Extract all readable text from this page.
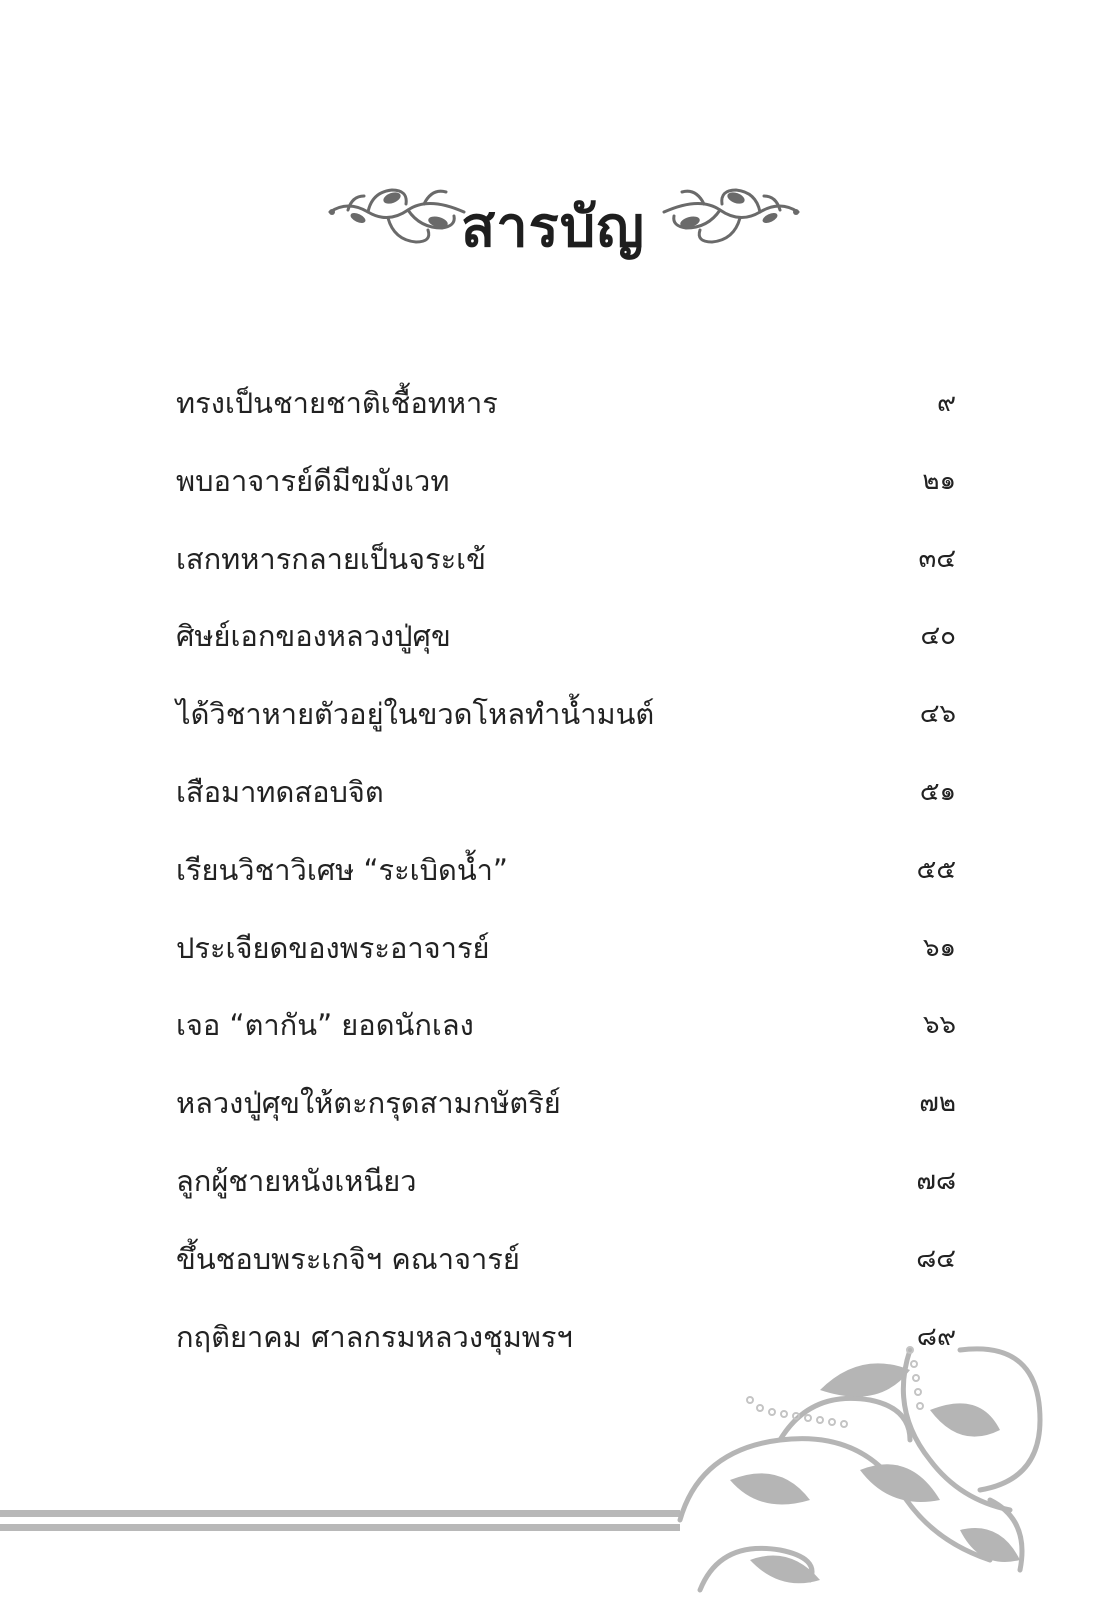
สารบัญ
ทรงเป็นชายชาติเชื้อทหาร	๙
พบอาจารย์ดีมีขมังเวท	๒๑
เสกทหารกลายเป็นจระเข้	๓๔
ศิษย์เอกของหลวงปู่ศุข	๔๐
ได้วิชาหายตัวอยู่ในขวดโหลทำน้ำมนต์	๔๖
เสือมาทดสอบจิต	๕๑
เรียนวิชาวิเศษ “ระเบิดน้ำ”	๕๕
ประเจียดของพระอาจารย์	๖๑
เจอ “ตากัน” ยอดนักเลง	๖๖
หลวงปู่ศุขให้ตะกรุดสามกษัตริย์	๗๒
ลูกผู้ชายหนังเหนียว	๗๘
ขึ้นชอบพระเกจิฯ คณาจารย์	๘๔
กฤติยาคม ศาลกรมหลวงชุมพรฯ	๘๙
